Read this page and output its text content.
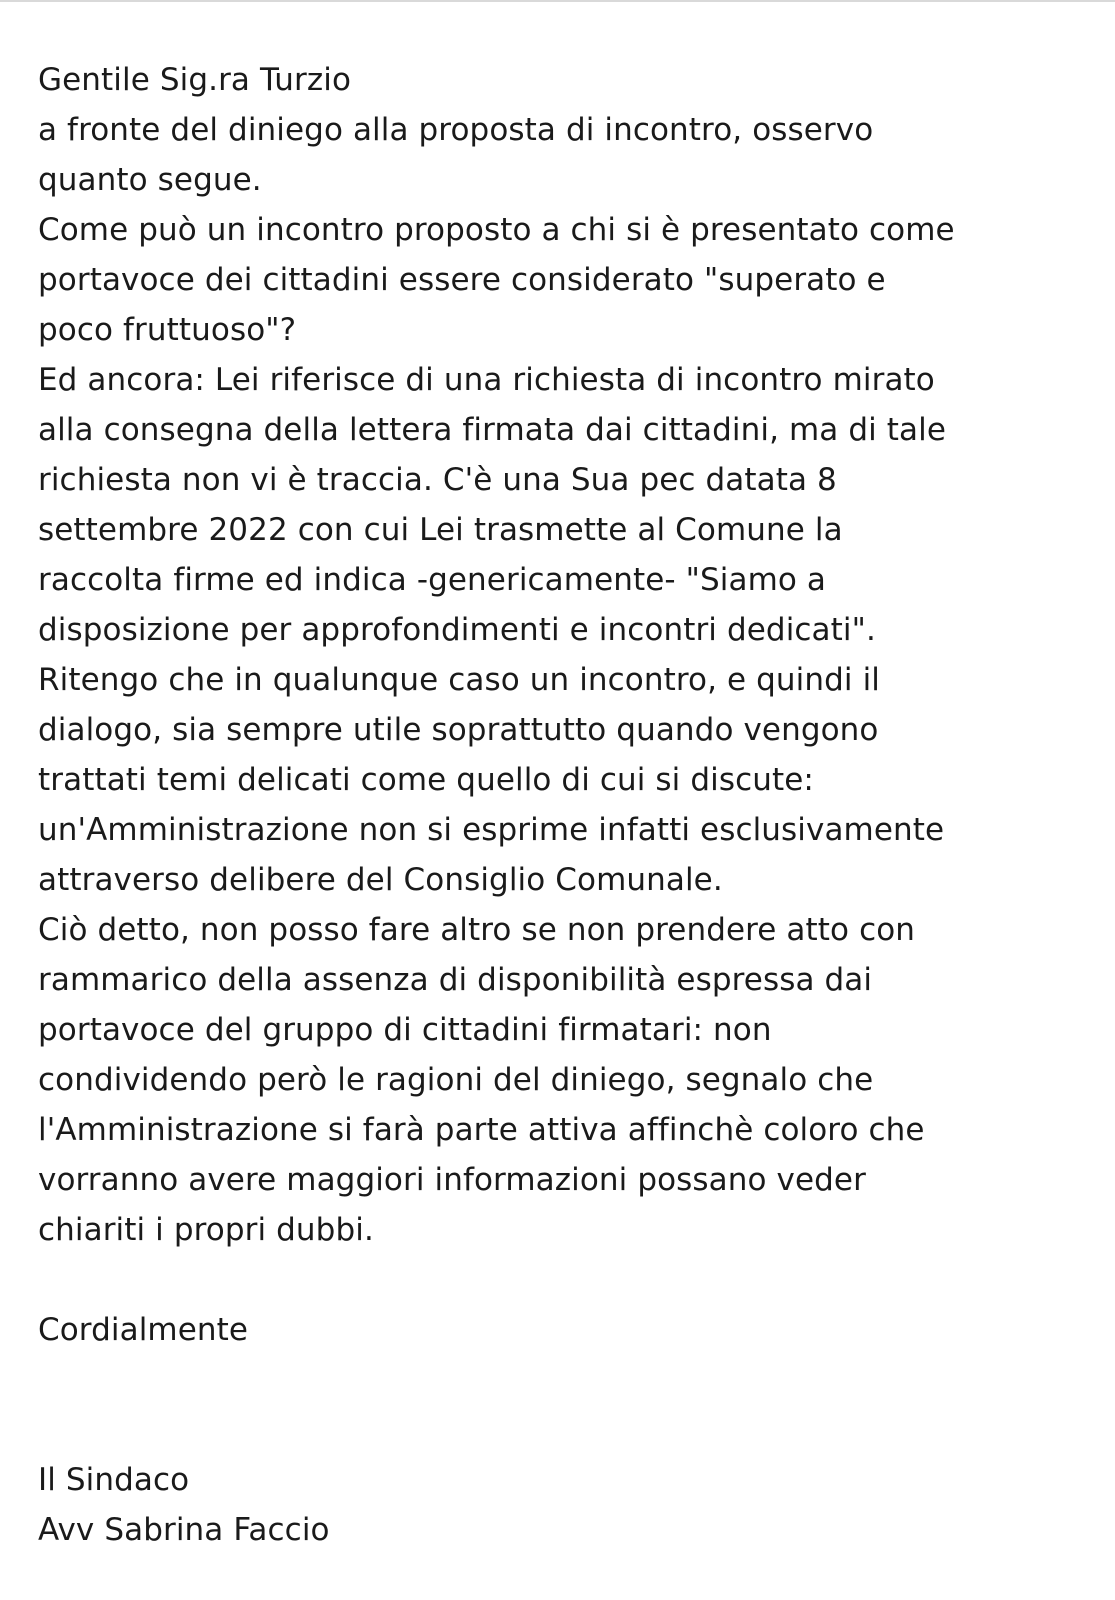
Gentile Sig.ra Turzio
a fronte del diniego alla proposta di incontro, osservo
quanto segue.
Come può un incontro proposto a chi si è presentato come
portavoce dei cittadini essere considerato "superato e
poco fruttuoso"?
Ed ancora: Lei riferisce di una richiesta di incontro mirato
alla consegna della lettera firmata dai cittadini, ma di tale
richiesta non vi è traccia. C'è una Sua pec datata 8
settembre 2022 con cui Lei trasmette al Comune la
raccolta firme ed indica -genericamente- "Siamo a
disposizione per approfondimenti e incontri dedicati".
Ritengo che in qualunque caso un incontro, e quindi il
dialogo, sia sempre utile soprattutto quando vengono
trattati temi delicati come quello di cui si discute:
un'Amministrazione non si esprime infatti esclusivamente
attraverso delibere del Consiglio Comunale.
Ciò detto, non posso fare altro se non prendere atto con
rammarico della assenza di disponibilità espressa dai
portavoce del gruppo di cittadini firmatari: non
condividendo però le ragioni del diniego, segnalo che
l'Amministrazione si farà parte attiva affinchè coloro che
vorranno avere maggiori informazioni possano veder
chiariti i propri dubbi.
Cordialmente
Il Sindaco
Avv Sabrina Faccio
